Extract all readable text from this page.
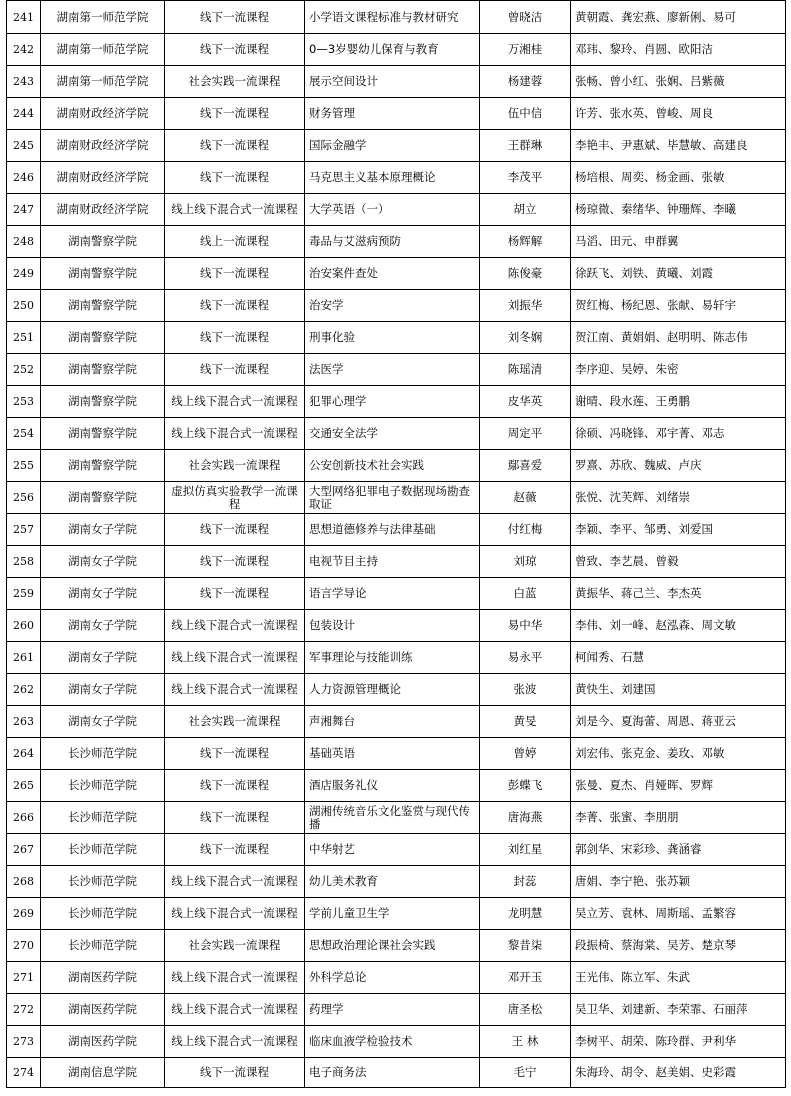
241	湖南第一师范学院	线下一流课程	小学语文课程标准与教材研究	曾晓洁	黄朝霞、龚宏燕、廖新俐、易可
242	湖南第一师范学院	线下一流课程	0—3岁婴幼儿保育与教育	万湘桂	邓玮、黎玲、肖圆、欧阳洁
243	湖南第一师范学院	社会实践一流课程	展示空间设计	杨建蓉	张畅、曾小红、张娴、吕紫薇
244	湖南财政经济学院	线下一流课程	财务管理	伍中信	许芳、张水英、曾峻、周良
245	湖南财政经济学院	线下一流课程	国际金融学	王群琳	李艳丰、尹惠斌、毕慧敏、高建良
246	湖南财政经济学院	线下一流课程	马克思主义基本原理概论	李茂平	杨培根、周奕、杨金画、张敏
247	湖南财政经济学院	线上线下混合式一流课程	大学英语（一）	胡立	杨琼微、秦绪华、钟珊辉、李曦
248	湖南警察学院	线上一流课程	毒品与艾滋病预防	杨辉解	马滔、田元、申群翼
249	湖南警察学院	线下一流课程	治安案件查处	陈俊豪	徐跃飞、刘铁、黄曦、刘霞
250	湖南警察学院	线下一流课程	治安学	刘振华	贺红梅、杨纪恩、张献、易轩宇
251	湖南警察学院	线下一流课程	刑事化验	刘冬娴	贺江南、黄娟娟、赵明明、陈志伟
252	湖南警察学院	线下一流课程	法医学	陈瑶清	李序迎、吴婷、朱密
253	湖南警察学院	线上线下混合式一流课程	犯罪心理学	皮华英	谢晴、段水莲、王勇鹏
254	湖南警察学院	线上线下混合式一流课程	交通安全法学	周定平	徐硕、冯晓锋、邓宇菁、邓志
255	湖南警察学院	社会实践一流课程	公安创新技术社会实践	鄢喜爱	罗熹、苏欣、魏威、卢庆
256	湖南警察学院	虚拟仿真实验教学一流课程	大型网络犯罪电子数据现场勘查取证	赵薇	张悦、沈芙辉、刘绪崇
257	湖南女子学院	线下一流课程	思想道德修养与法律基础	付红梅	李颖、李平、邹勇、刘爱国
258	湖南女子学院	线下一流课程	电视节目主持	刘琼	曾致、李艺晨、曾毅
259	湖南女子学院	线下一流课程	语言学导论	白蓝	黄振华、蒋己兰、李杰英
260	湖南女子学院	线上线下混合式一流课程	包装设计	易中华	李伟、刘一峰、赵泓森、周文敏
261	湖南女子学院	线上线下混合式一流课程	军事理论与技能训练	易永平	柯闻秀、石慧
262	湖南女子学院	线上线下混合式一流课程	人力资源管理概论	张波	黄快生、刘建国
263	湖南女子学院	社会实践一流课程	声湘舞台	黄旻	刘是今、夏海蕾、周恩、蒋亚云
264	长沙师范学院	线下一流课程	基础英语	曾婷	刘宏伟、张克金、姜玫、邓敏
265	长沙师范学院	线下一流课程	酒店服务礼仪	彭蝶飞	张曼、夏杰、肖娅晖、罗辉
266	长沙师范学院	线下一流课程	湖湘传统音乐文化鉴赏与现代传播	唐海燕	李菁、张蜜、李朋朋
267	长沙师范学院	线下一流课程	中华射艺	刘红星	郭剑华、宋彩珍、龚涵睿
268	长沙师范学院	线上线下混合式一流课程	幼儿美术教育	封蕊	唐娟、李宁艳、张苏颖
269	长沙师范学院	线上线下混合式一流课程	学前儿童卫生学	龙明慧	吴立芳、袁林、周斯瑶、孟繁容
270	长沙师范学院	社会实践一流课程	思想政治理论课社会实践	黎昔柒	段振椅、蔡海棠、吴芳、楚京琴
271	湖南医药学院	线上线下混合式一流课程	外科学总论	邓开玉	王光伟、陈立军、朱武
272	湖南医药学院	线上线下混合式一流课程	药理学	唐圣松	吴卫华、刘建新、李荣霏、石丽萍
273	湖南医药学院	线上线下混合式一流课程	临床血液学检验技术	王 林	李树平、胡荣、陈玲群、尹利华
274	湖南信息学院	线下一流课程	电子商务法	毛宁	朱海玲、胡令、赵美娟、史彩霞
